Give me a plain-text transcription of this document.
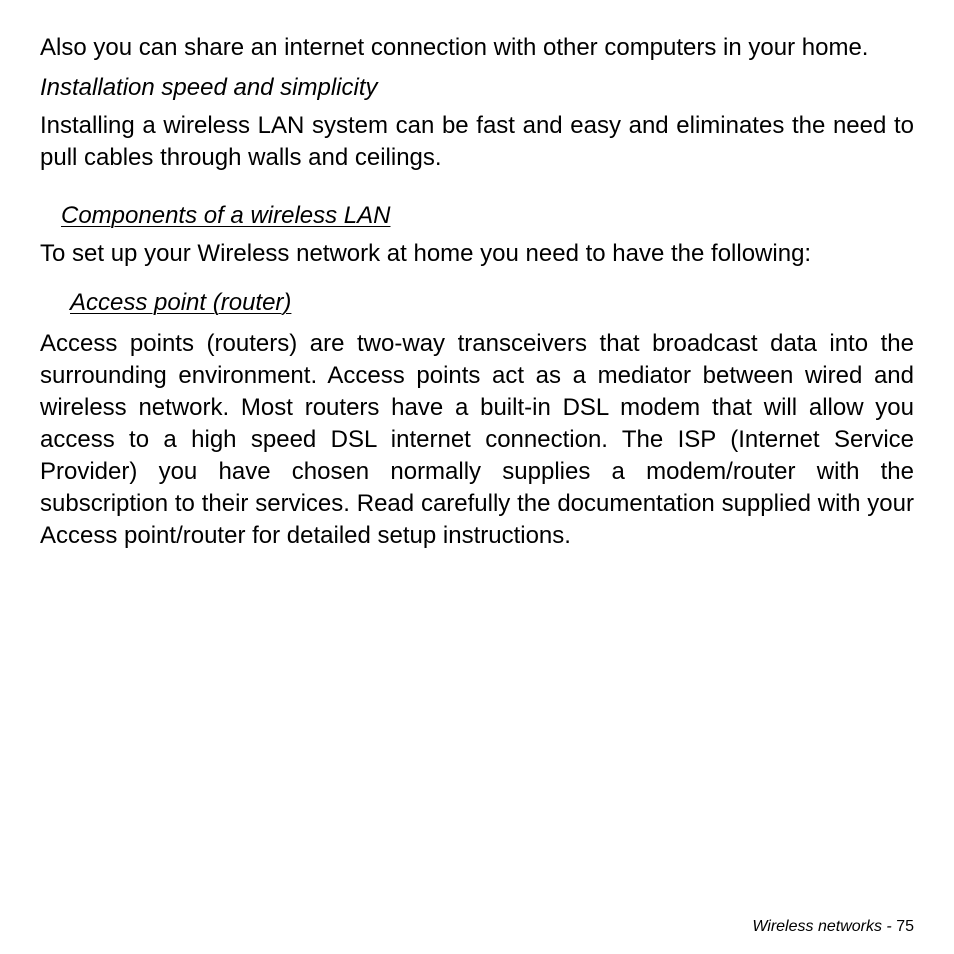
Also you can share an internet connection with other computers in your home.

Installation speed and simplicity

Installing a wireless LAN system can be fast and easy and eliminates the need to pull cables through walls and ceilings.

Components of a wireless LAN

To set up your Wireless network at home you need to have the following:

Access point (router)

Access points (routers) are two-way transceivers that broadcast data into the surrounding environment. Access points act as a mediator between wired and wireless network. Most routers have a built-in DSL modem that will allow you access to a high speed DSL internet connection. The ISP (Internet Service Provider) you have chosen normally supplies a modem/router with the subscription to their services. Read carefully the documentation supplied with your Access point/router for detailed setup instructions.

Wireless networks - 75
